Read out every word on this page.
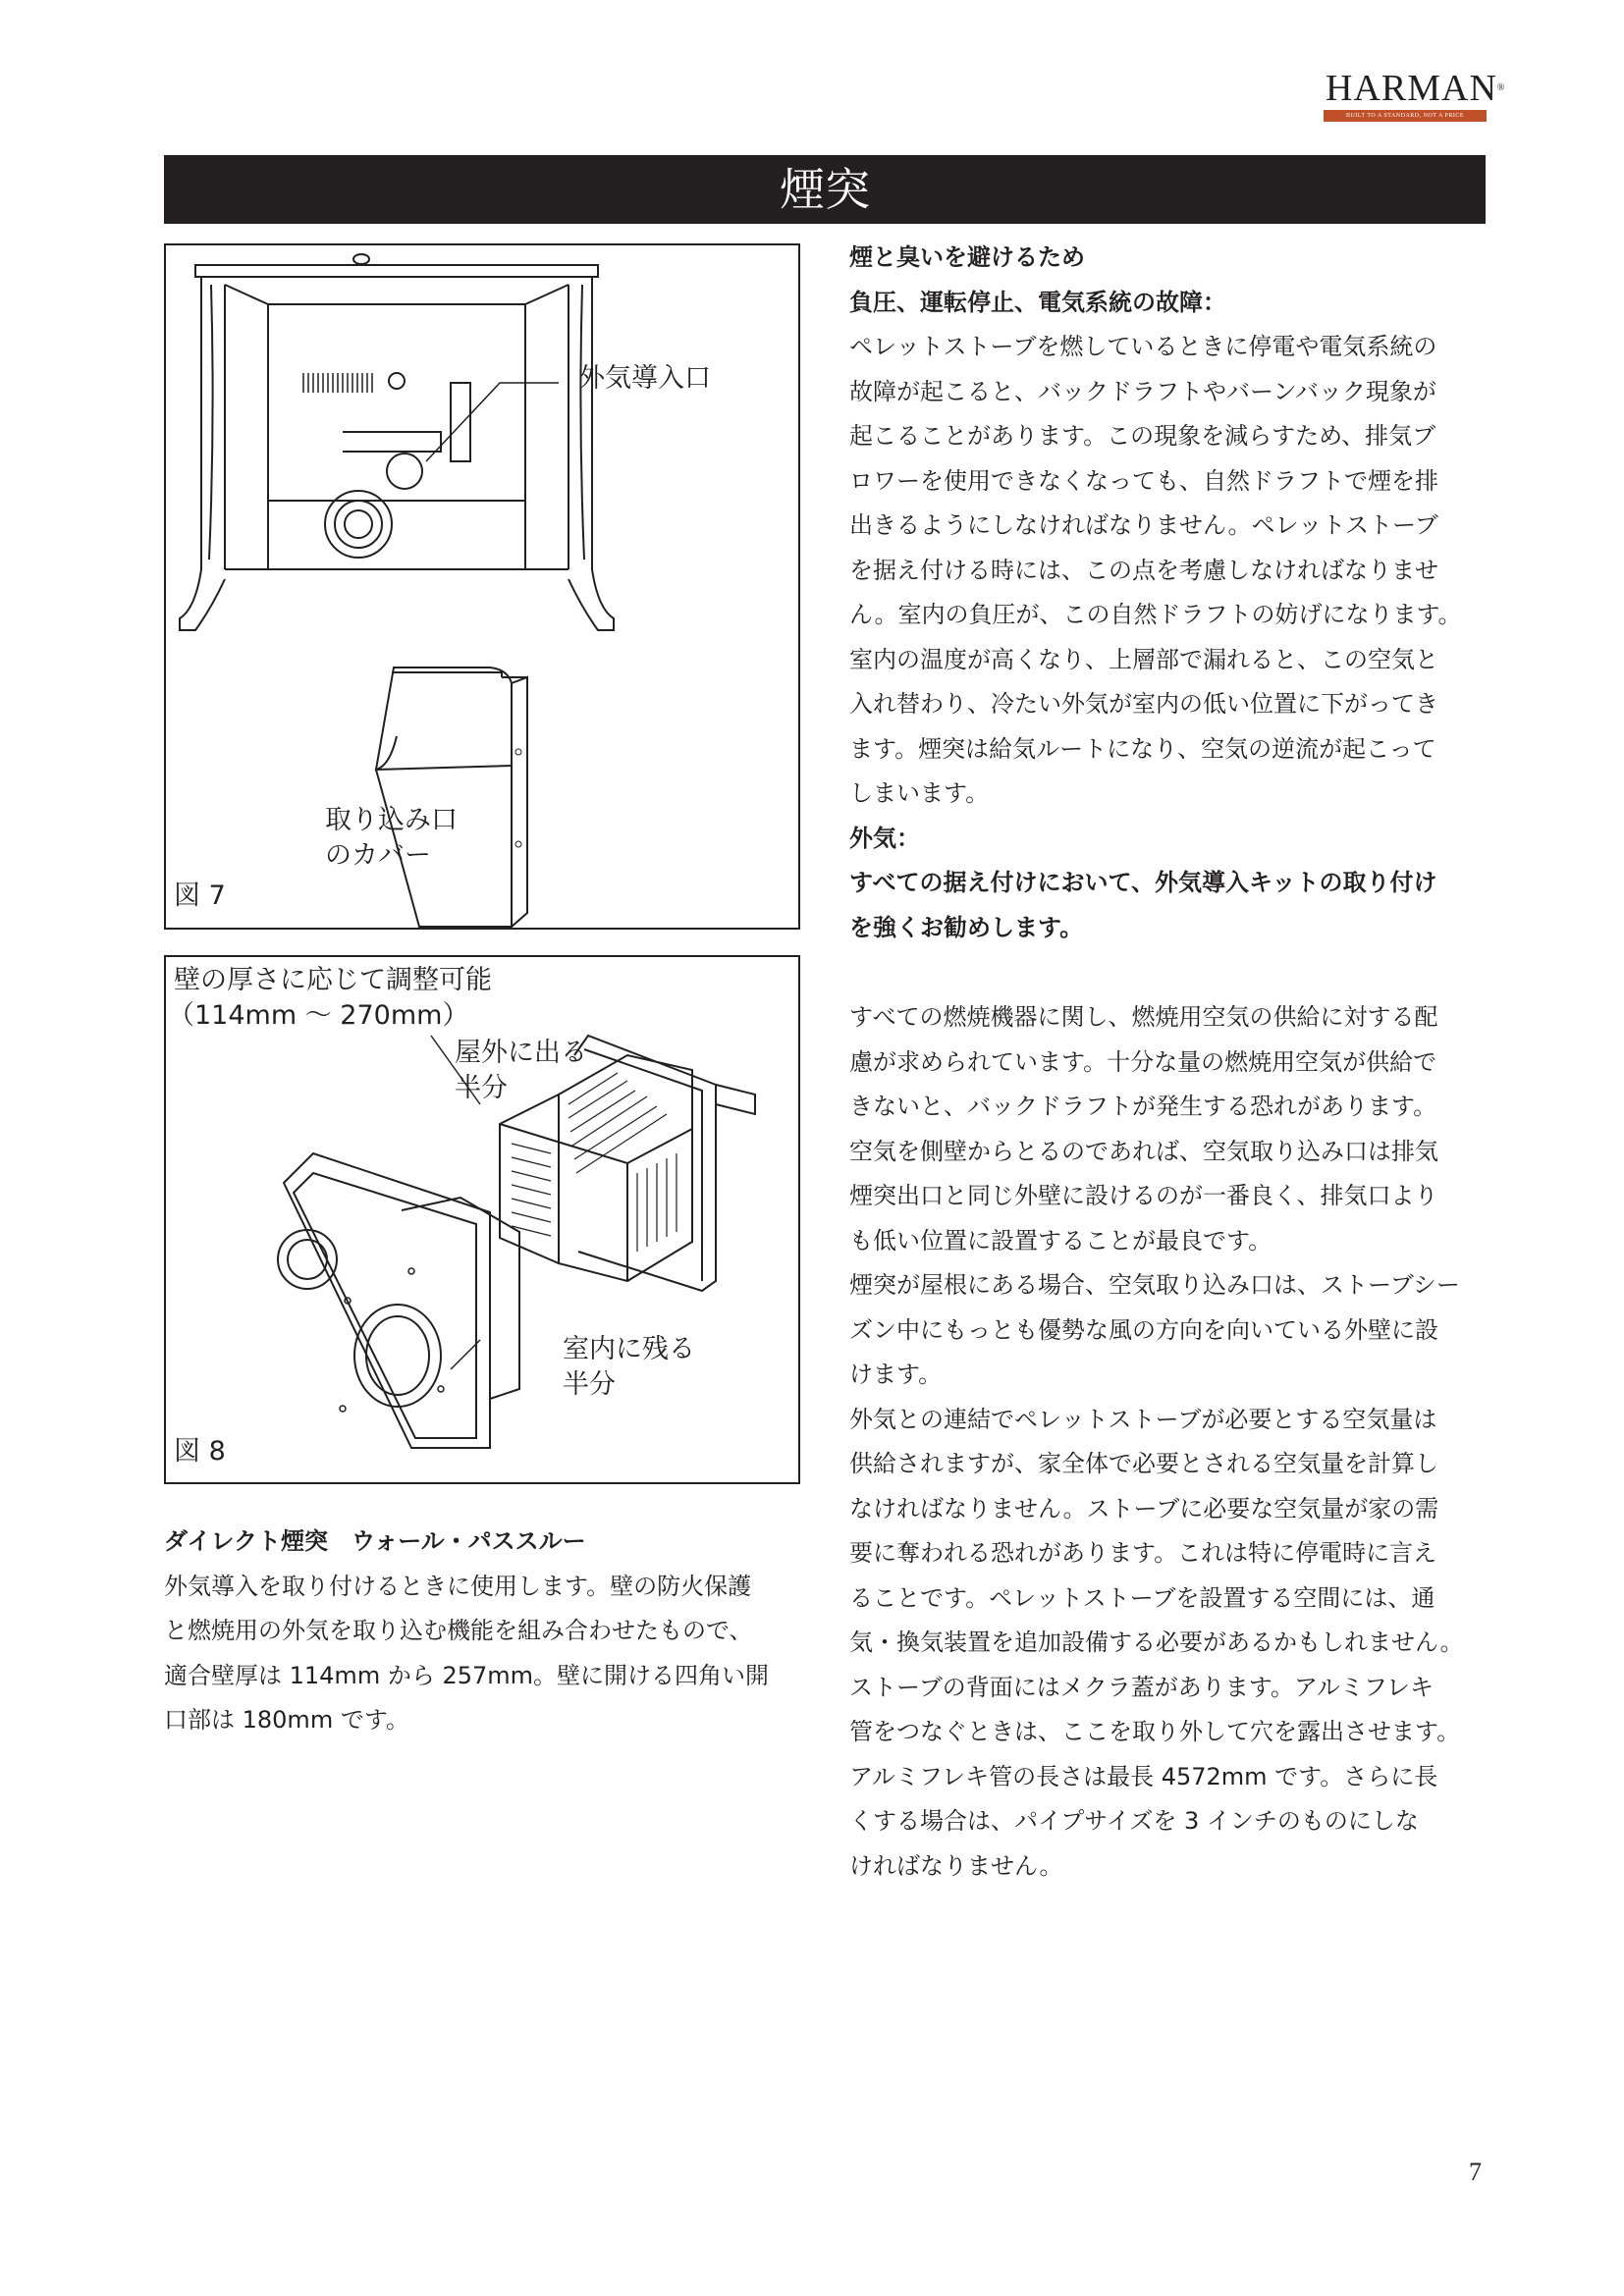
HARMAN®
BUILT TO A STANDARD, NOT A PRICE
煙突
外気導入口
取り込み口
のカバー
図 7
壁の厚さに応じて調整可能
（114mm ～ 270mm）
屋外に出る
半分
室内に残る
半分
図 8

ダイレクト煙突　ウォール・パススルー

外気導入を取り付けるときに使用します。壁の防火保護

と燃焼用の外気を取り込む機能を組み合わせたもので、

適合壁厚は 114mm から 257mm。壁に開ける四角い開

口部は 180mm です。

煙と臭いを避けるため

負圧、運転停止、電気系統の故障：

ペレットストーブを燃しているときに停電や電気系統の

故障が起こると、バックドラフトやバーンバック現象が

起こることがあります。この現象を減らすため、排気ブ

ロワーを使用できなくなっても、自然ドラフトで煙を排

出きるようにしなければなりません。ペレットストーブ

を据え付ける時には、この点を考慮しなければなりませ

ん。室内の負圧が、この自然ドラフトの妨げになります。

室内の温度が高くなり、上層部で漏れると、この空気と

入れ替わり、冷たい外気が室内の低い位置に下がってき

ます。煙突は給気ルートになり、空気の逆流が起こって

しまいます。

外気：

すべての据え付けにおいて、外気導入キットの取り付け

を強くお勧めします。

すべての燃焼機器に関し、燃焼用空気の供給に対する配

慮が求められています。十分な量の燃焼用空気が供給で

きないと、バックドラフトが発生する恐れがあります。

空気を側壁からとるのであれば、空気取り込み口は排気

煙突出口と同じ外壁に設けるのが一番良く、排気口より

も低い位置に設置することが最良です。

煙突が屋根にある場合、空気取り込み口は、ストーブシー

ズン中にもっとも優勢な風の方向を向いている外壁に設

けます。

外気との連結でペレットストーブが必要とする空気量は

供給されますが、家全体で必要とされる空気量を計算し

なければなりません。ストーブに必要な空気量が家の需

要に奪われる恐れがあります。これは特に停電時に言え

ることです。ペレットストーブを設置する空間には、通

気・換気装置を追加設備する必要があるかもしれません。

ストーブの背面にはメクラ蓋があります。アルミフレキ

管をつなぐときは、ここを取り外して穴を露出させます。

アルミフレキ管の長さは最長 4572mm です。さらに長

くする場合は、パイプサイズを 3 インチのものにしな

ければなりません。

7
